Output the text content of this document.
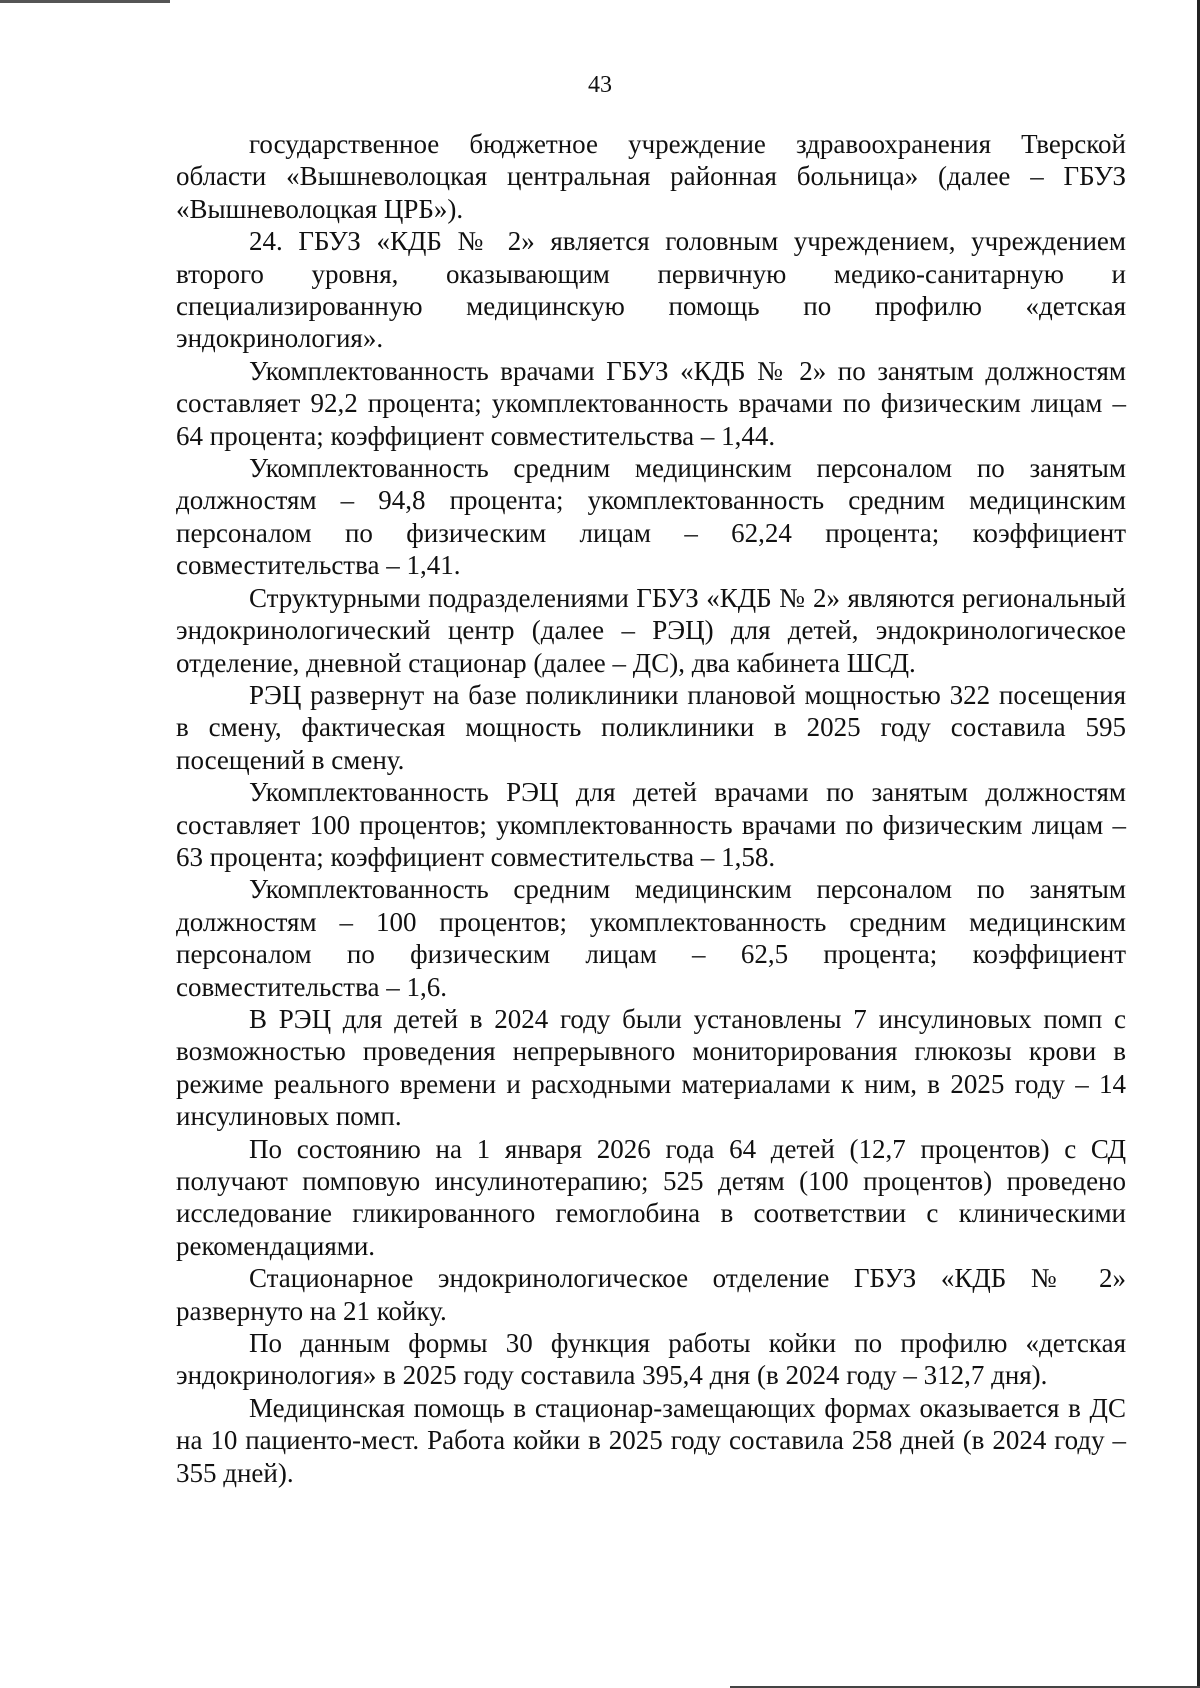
43

государственное бюджетное учреждение здравоохранения Тверской области «Вышневолоцкая центральная районная больница» (далее – ГБУЗ «Вышневолоцкая ЦРБ»).

24. ГБУЗ «КДБ № 2» является головным учреждением, учреждением второго уровня, оказывающим первичную медико-санитарную и специализированную медицинскую помощь по профилю «детская эндокринология».

Укомплектованность врачами ГБУЗ «КДБ № 2» по занятым должностям составляет 92,2 процента; укомплектованность врачами по физическим лицам – 64 процента; коэффициент совместительства – 1,44.

Укомплектованность средним медицинским персоналом по занятым должностям – 94,8 процента; укомплектованность средним медицинским персоналом по физическим лицам – 62,24 процента; коэффициент совместительства – 1,41.

Структурными подразделениями ГБУЗ «КДБ № 2» являются региональный эндокринологический центр (далее – РЭЦ) для детей, эндокринологическое отделение, дневной стационар (далее – ДС), два кабинета ШСД.

РЭЦ развернут на базе поликлиники плановой мощностью 322 посещения в смену, фактическая мощность поликлиники в 2025 году составила 595 посещений в смену.

Укомплектованность РЭЦ для детей врачами по занятым должностям составляет 100 процентов; укомплектованность врачами по физическим лицам – 63 процента; коэффициент совместительства – 1,58.

Укомплектованность средним медицинским персоналом по занятым должностям – 100 процентов; укомплектованность средним медицинским персоналом по физическим лицам – 62,5 процента; коэффициент совместительства – 1,6.

В РЭЦ для детей в 2024 году были установлены 7 инсулиновых помп с возможностью проведения непрерывного мониторирования глюкозы крови в режиме реального времени и расходными материалами к ним, в 2025 году – 14 инсулиновых помп.

По состоянию на 1 января 2026 года 64 детей (12,7 процентов) с СД получают помповую инсулинотерапию; 525 детям (100 процентов) проведено исследование гликированного гемоглобина в соответствии с клиническими рекомендациями.

Стационарное эндокринологическое отделение ГБУЗ «КДБ № 2» развернуто на 21 койку.

По данным формы 30 функция работы койки по профилю «детская эндокринология» в 2025 году составила 395,4 дня (в 2024 году – 312,7 дня).

Медицинская помощь в стационар-замещающих формах оказывается в ДС на 10 пациенто-мест. Работа койки в 2025 году составила 258 дней (в 2024 году – 355 дней).
